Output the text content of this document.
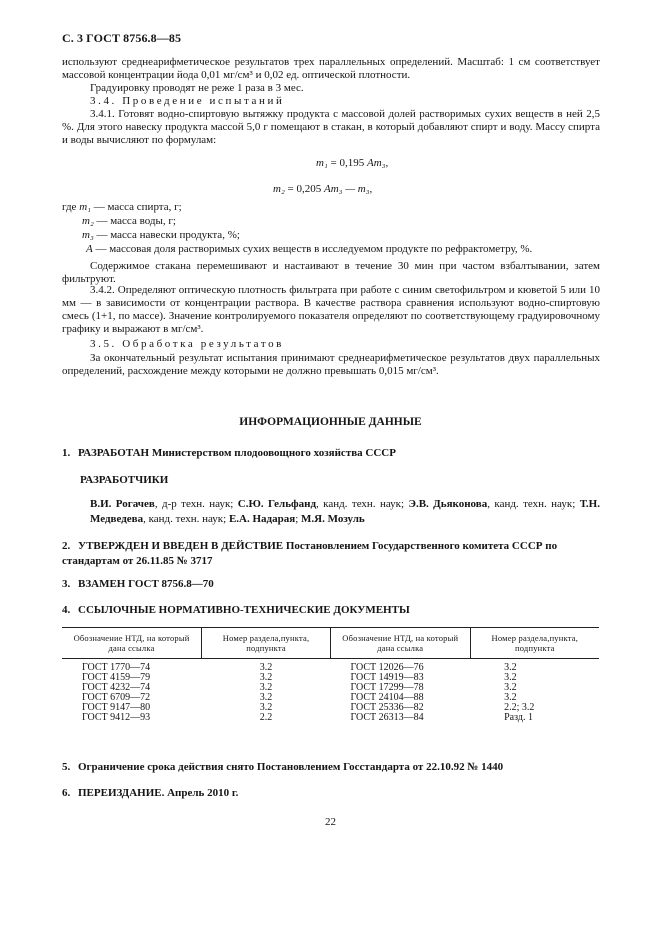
С. 3 ГОСТ 8756.8—85
используют среднеарифметическое результатов трех параллельных определений. Масштаб: 1 см соответствует массовой концентрации йода 0,01 мг/см³ и 0,02 ед. оптической плотности.
Градуировку проводят не реже 1 раза в 3 мес.
3.4. Проведение испытаний
3.4.1. Готовят водно-спиртовую вытяжку продукта с массовой долей растворимых сухих веществ в ней 2,5 %. Для этого навеску продукта массой 5,0 г помещают в стакан, в который добавляют спирт и воду. Массу спирта и воды вычисляют по формулам:
m₁ = 0,195 Am₃,
m₂ = 0,205 Am₃ — m₃,
где m₁ — масса спирта, г;
m₂ — масса воды, г;
m₃ — масса навески продукта, %;
A — массовая доля растворимых сухих веществ в исследуемом продукте по рефрактометру, %.
Содержимое стакана перемешивают и настаивают в течение 30 мин при частом взбалтывании, затем фильтруют.
3.4.2. Определяют оптическую плотность фильтрата при работе с синим светофильтром и кюветой 5 или 10 мм — в зависимости от концентрации раствора. В качестве раствора сравнения используют водно-спиртовую смесь (1+1, по массе). Значение контролируемого показателя определяют по соответствующему градуировочному графику и выражают в мг/см³.
3.5. Обработка результатов
За окончательный результат испытания принимают среднеарифметическое результатов двух параллельных определений, расхождение между которыми не должно превышать 0,015 мг/см³.
ИНФОРМАЦИОННЫЕ ДАННЫЕ
1. РАЗРАБОТАН Министерством плодоовощного хозяйства СССР
РАЗРАБОТЧИКИ
В.И. Рогачев, д-р техн. наук; С.Ю. Гельфанд, канд. техн. наук; Э.В. Дьяконова, канд. техн. наук; Т.Н. Медведева, канд. техн. наук; Е.А. Надарая; М.Я. Мозуль
2. УТВЕРЖДЕН И ВВЕДЕН В ДЕЙСТВИЕ Постановлением Государственного комитета СССР по стандартам от 26.11.85 № 3717
3. ВЗАМЕН ГОСТ 8756.8—70
4. ССЫЛОЧНЫЕ НОРМАТИВНО-ТЕХНИЧЕСКИЕ ДОКУМЕНТЫ
Обозначение НТД, на который дана ссылка	Номер раздела,пункта, подпункта	Обозначение НТД, на который дана ссылка	Номер раздела,пункта, подпункта
ГОСТ 1770—74	3.2	ГОСТ 12026—76	3.2
ГОСТ 4159—79	3.2	ГОСТ 14919—83	3.2
ГОСТ 4232—74	3.2	ГОСТ 17299—78	3.2
ГОСТ 6709—72	3.2	ГОСТ 24104—88	3.2
ГОСТ 9147—80	3.2	ГОСТ 25336—82	2.2; 3.2
ГОСТ 9412—93	2.2	ГОСТ 26313—84	Разд. 1
5. Ограничение срока действия снято Постановлением Госстандарта от 22.10.92 № 1440
6. ПЕРЕИЗДАНИЕ. Апрель 2010 г.
22
